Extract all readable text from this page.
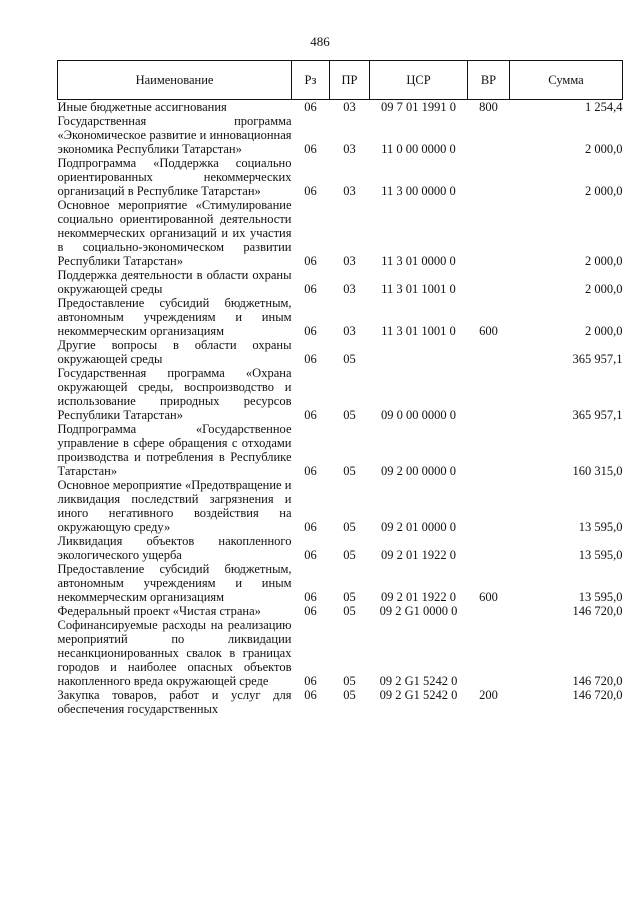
486
Наименование	Рз	ПР	ЦСР	ВР	Сумма
Иные бюджетные ассигнования	06	03	09 7 01 1991 0	800	1 254,4
Государственная программа «Экономическое развитие и инновационная экономика Республики Татарстан»	06	03	11 0 00 0000 0		2 000,0
Подпрограмма «Поддержка социально ориентированных некоммерческих организаций в Республике Татарстан»	06	03	11 3 00 0000 0		2 000,0
Основное мероприятие «Стимулирование социально ориентированной деятельности некоммерческих организаций и их участия в социально-экономическом развитии Республики Татарстан»	06	03	11 3 01 0000 0		2 000,0
Поддержка деятельности в области охраны окружающей среды	06	03	11 3 01 1001 0		2 000,0
Предоставление субсидий бюджетным, автономным учреждениям и иным некоммерческим организациям	06	03	11 3 01 1001 0	600	2 000,0
Другие вопросы в области охраны окружающей среды	06	05			365 957,1
Государственная программа «Охрана окружающей среды, воспроизводство и использование природных ресурсов Республики Татарстан»	06	05	09 0 00 0000 0		365 957,1
Подпрограмма «Государственное управление в сфере обращения с отходами производства и потребления в Республике Татарстан»	06	05	09 2 00 0000 0		160 315,0
Основное мероприятие «Предотвращение и ликвидация последствий загрязнения и иного негативного воздействия на окружающую среду»	06	05	09 2 01 0000 0		13 595,0
Ликвидация объектов накопленного экологического ущерба	06	05	09 2 01 1922 0		13 595,0
Предоставление субсидий бюджетным, автономным учреждениям и иным некоммерческим организациям	06	05	09 2 01 1922 0	600	13 595,0
Федеральный проект «Чистая страна»	06	05	09 2 G1 0000 0		146 720,0
Софинансируемые расходы на реализацию мероприятий по ликвидации несанкционированных свалок в границах городов и наиболее опасных объектов накопленного вреда окружающей среде	06	05	09 2 G1 5242 0		146 720,0
Закупка товаров, работ и услуг для обеспечения государственных	06	05	09 2 G1 5242 0	200	146 720,0
